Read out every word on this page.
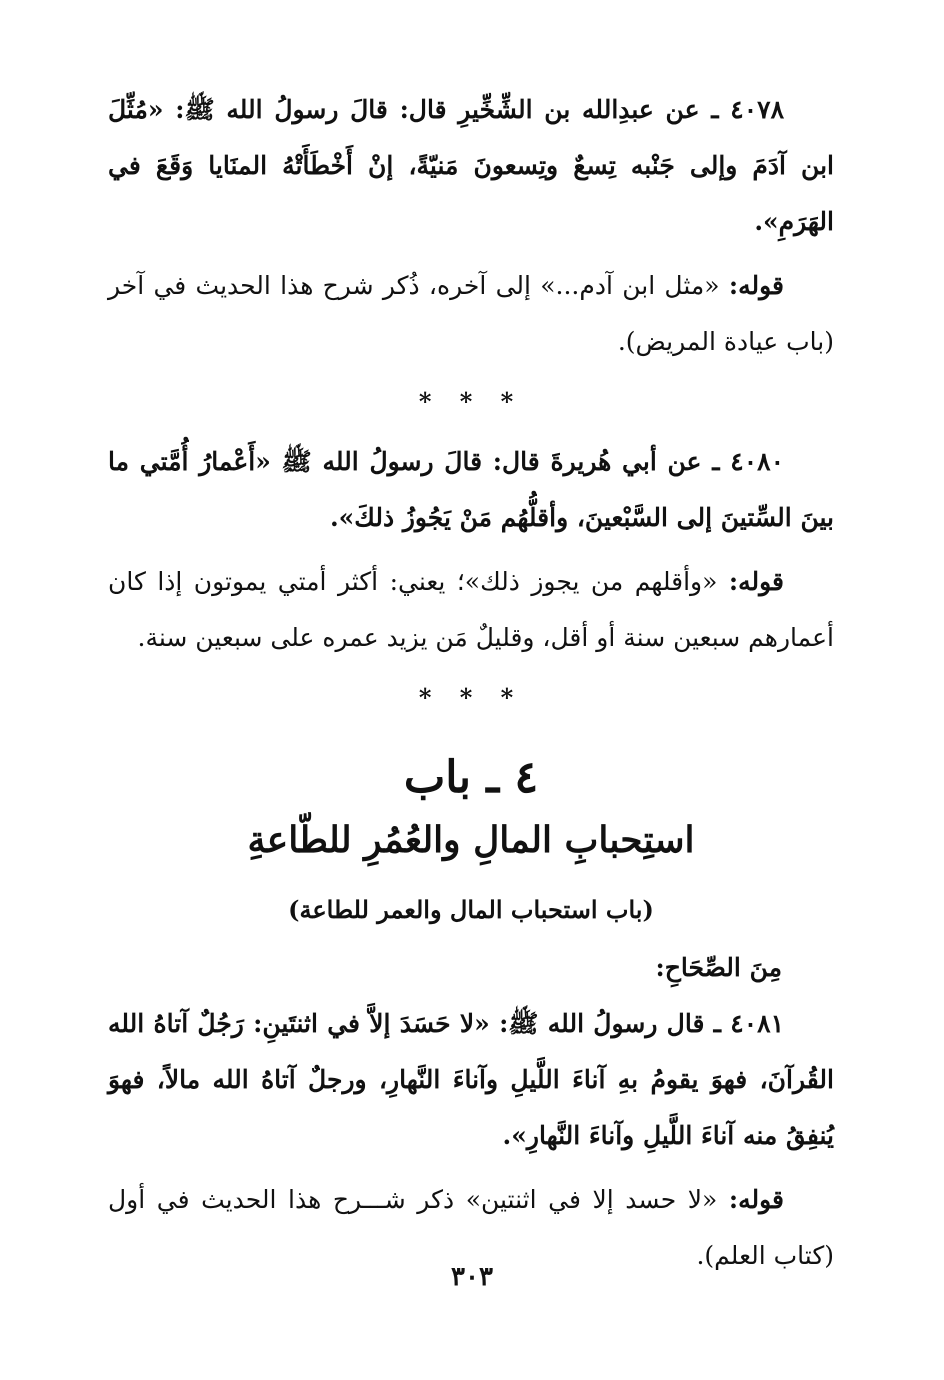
٤٠٧٨ ـ عن عبدِالله بن الشِّخِّيرِ قال: قالَ رسولُ الله ﷺ: «مُثِّلَ ابن آدَمَ وإلى جَنْبه تِسعٌ وتِسعونَ مَنيّةً، إنْ أَخْطَأَتْهُ المنَايا وَقَعَ في الهَرَمِ».

قوله: «مثل ابن آدم...» إلى آخره، ذُكر شرح هذا الحديث في آخر (باب عيادة المريض).

* * *

٤٠٨٠ ـ عن أبي هُريرةَ قال: قالَ رسولُ الله ﷺ «أَعْمارُ أُمَّتي ما بينَ السِّتينَ إلى السَّبْعينَ، وأقلُّهُم مَنْ يَجُوزُ ذلكَ».

قوله: «وأقلهم من يجوز ذلك»؛ يعني: أكثر أمتي يموتون إذا كان أعمارهم سبعين سنة أو أقل، وقليلٌ مَن يزيد عمره على سبعين سنة.

* * *
٤ ـ باب
استِحبابِ المالِ والعُمُرِ للطّاعةِ
(باب استحباب المال والعمر للطاعة)
مِنَ الصِّحَاحِ:

٤٠٨١ ـ قال رسولُ الله ﷺ: «لا حَسَدَ إلاَّ في اثنتَينِ: رَجُلٌ آتاهُ الله القُرآنَ، فهوَ يقومُ بهِ آناءَ اللَّيلِ وآناءَ النَّهارِ، ورجلٌ آتاهُ الله مالاً، فهوَ يُنفِقُ منه آناءَ اللَّيلِ وآناءَ النَّهارِ».

قوله: «لا حسد إلا في اثنتين» ذكر شـــرح هذا الحديث في أول (كتاب العلم).

٣٠٣
